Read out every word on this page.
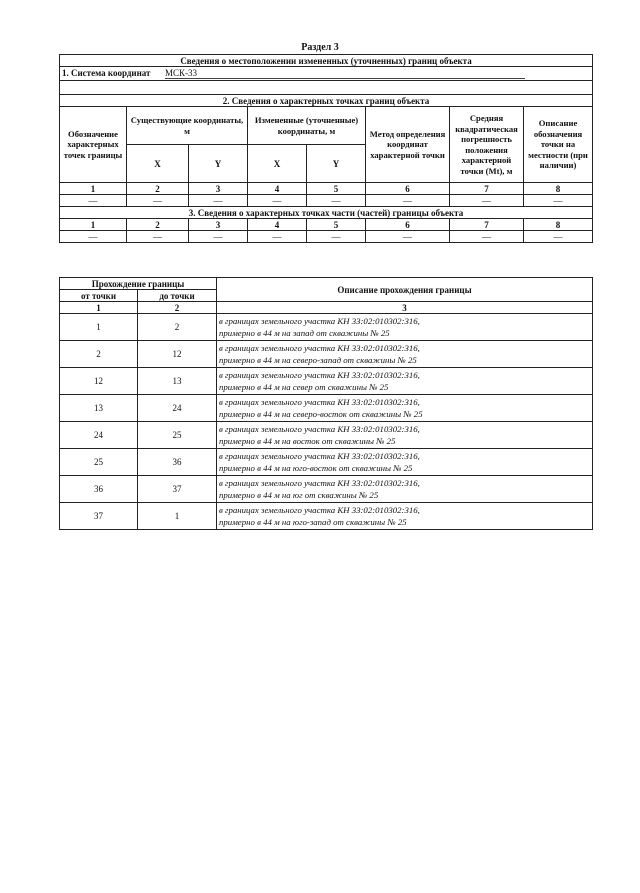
Раздел 3
Сведения о местоположении измененных (уточненных) границ объекта							
1. Система координат МСК-33							

2. Сведения о характерных точках границ объекта							
Обозначение характерных точек границы	Существующие координаты, м		Измененные (уточненные) координаты, м		Метод определения координат характерной точки	Средняя квадратическая погрешность положения характерной точки (Mt), м	Описание обозначения точки на местности (при наличии)
	X	Y	X	Y			
1	2	3	4	5	6	7	8
—	—	—	—	—	—	—	—
3. Сведения о характерных точках части (частей) границы объекта							
1	2	3	4	5	6	7	8
—	—	—	—	—	—	—	—
Прохождение границы		Описание прохождения границы
от точки	до точки	
1	2	3
1	2	в границах земельного участка КН 33:02:010302:316,
примерно в 44 м на запад от скважины № 25

2	12	в границах земельного участка КН 33:02:010302:316,
примерно в 44 м на северо-запад от скважины № 25

12	13	в границах земельного участка КН 33:02:010302:316,
примерно в 44 м на север от скважины № 25

13	24	в границах земельного участка КН 33:02:010302:316,
примерно в 44 м на северо-восток от скважины № 25

24	25	в границах земельного участка КН 33:02:010302:316,
примерно в 44 м на восток от скважины № 25

25	36	в границах земельного участка КН 33:02:010302:316,
примерно в 44 м на юго-восток от скважины № 25

36	37	в границах земельного участка КН 33:02:010302:316,
примерно в 44 м на юг от скважины № 25

37	1	в границах земельного участка КН 33:02:010302:316,
примерно в 44 м на юго-запад от скважины № 25
